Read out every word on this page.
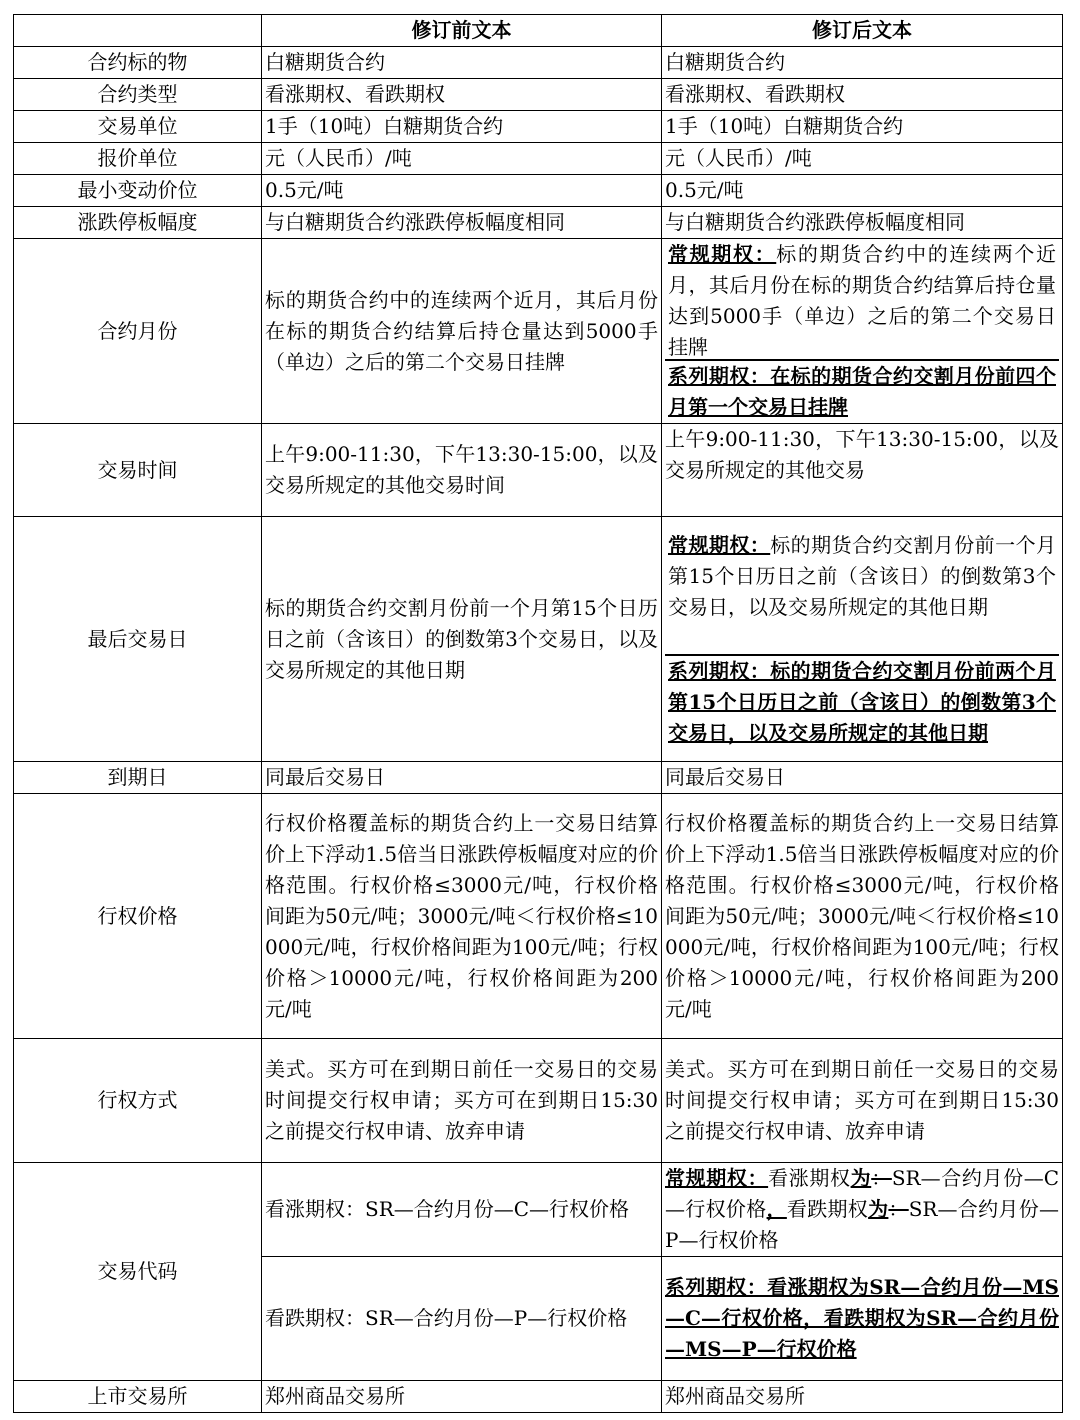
	修订前文本	修订后文本
合约标的物	白糖期货合约	白糖期货合约
合约类型	看涨期权、看跌期权	看涨期权、看跌期权
交易单位	1手（10吨）白糖期货合约	1手（10吨）白糖期货合约
报价单位	元（人民币）/吨	元（人民币）/吨
最小变动价位	0.5元/吨	0.5元/吨
涨跌停板幅度	与白糖期货合约涨跌停板幅度相同	与白糖期货合约涨跌停板幅度相同
合约月份	标的期货合约中的连续两个近月，其后月份在标的期货合约结算后持仓量达到5000手（单边）之后的第二个交易日挂牌	常规期权：标的期货合约中的连续两个近月，其后月份在标的期货合约结算后持仓量达到5000手（单边）之后的第二个交易日挂牌
系列期权：在标的期货合约交割月份前四个月第一个交易日挂牌

交易时间	上午9:00-11:30，下午13:30-15:00，以及交易所规定的其他交易时间	上午9:00-11:30，下午13:30-15:00，以及交易所规定的其他交易
最后交易日	标的期货合约交割月份前一个月第15个日历日之前（含该日）的倒数第3个交易日，以及交易所规定的其他日期	常规期权：标的期货合约交割月份前一个月第15个日历日之前（含该日）的倒数第3个交易日，以及交易所规定的其他日期
系列期权：标的期货合约交割月份前两个月第15个日历日之前（含该日）的倒数第3个交易日，以及交易所规定的其他日期

到期日	同最后交易日	同最后交易日
行权价格	行权价格覆盖标的期货合约上一交易日结算价上下浮动1.5倍当日涨跌停板幅度对应的价格范围。行权价格≤3000元/吨，行权价格间距为50元/吨；3000元/吨＜行权价格≤10000元/吨，行权价格间距为100元/吨；行权价格＞10000元/吨，行权价格间距为200元/吨	行权价格覆盖标的期货合约上一交易日结算价上下浮动1.5倍当日涨跌停板幅度对应的价格范围。行权价格≤3000元/吨，行权价格间距为50元/吨；3000元/吨＜行权价格≤10000元/吨，行权价格间距为100元/吨；行权价格＞10000元/吨，行权价格间距为200元/吨
行权方式	美式。买方可在到期日前任一交易日的交易时间提交行权申请；买方可在到期日15:30之前提交行权申请、放弃申请	美式。买方可在到期日前任一交易日的交易时间提交行权申请；买方可在到期日15:30之前提交行权申请、放弃申请
交易代码	看涨期权：SR—合约月份—C—行权价格	常规期权：看涨期权为：SR—合约月份—C—行权价格，看跌期权为：SR—合约月份—P—行权价格
	看跌期权：SR—合约月份—P—行权价格	系列期权：看涨期权为SR—合约月份—MS—C—行权价格，看跌期权为SR—合约月份—MS—P—行权价格
上市交易所	郑州商品交易所	郑州商品交易所
